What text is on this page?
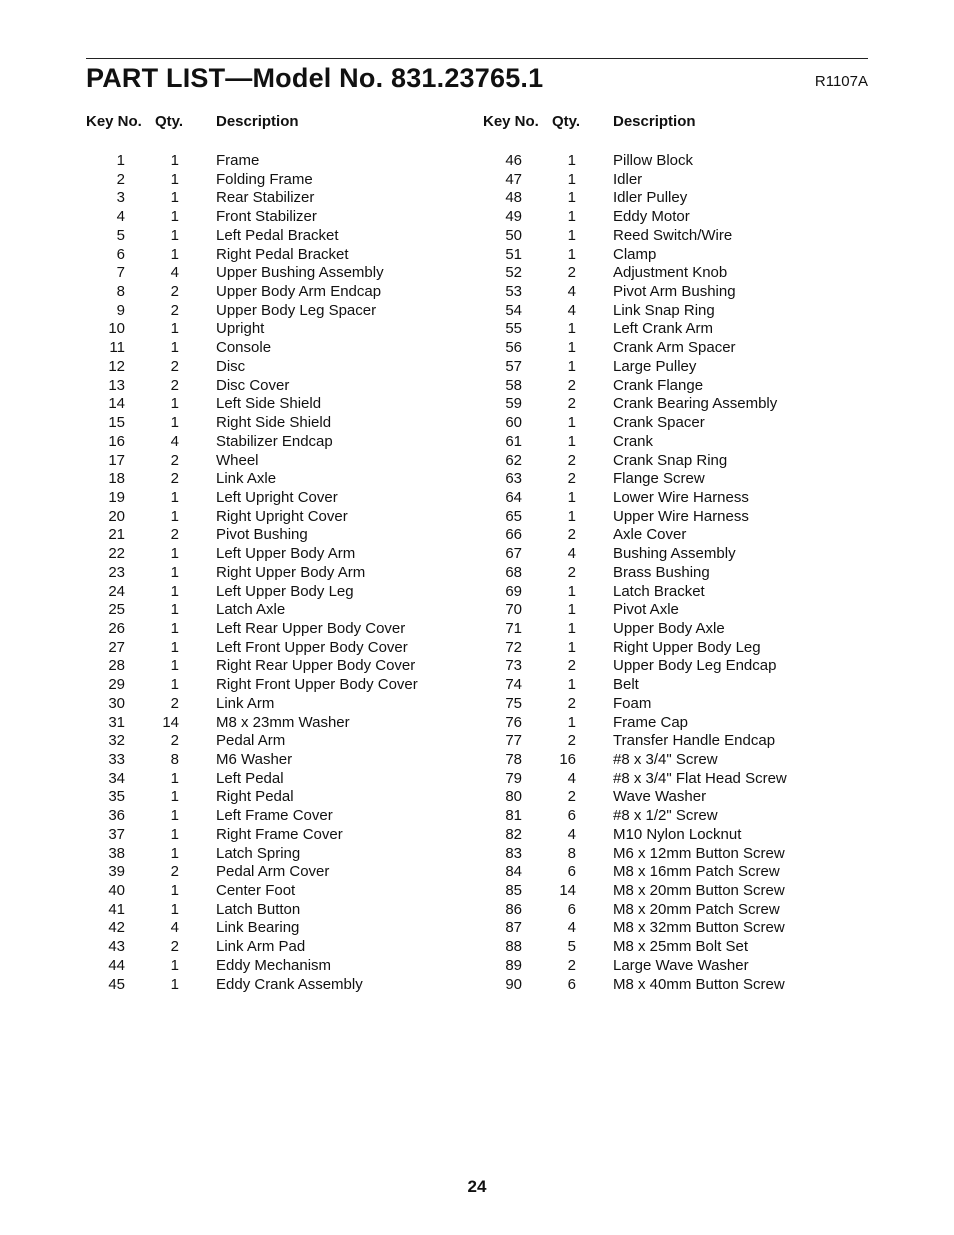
PART LIST—Model No. 831.23765.1	R1107A
Key No. Qty. Description
1	1 Frame
2	1 Folding Frame
3	1 Rear Stabilizer
4	1 Front Stabilizer
5	1 Left Pedal Bracket
6	1 Right Pedal Bracket
7	4 Upper Bushing Assembly
8	2 Upper Body Arm Endcap
9	2 Upper Body Leg Spacer
10	1 Upright
11	1 Console
12	2 Disc
13	2 Disc Cover
14	1 Left Side Shield
15	1 Right Side Shield
16	4 Stabilizer Endcap
17	2 Wheel
18	2 Link Axle
19	1 Left Upright Cover
20	1 Right Upright Cover
21	2 Pivot Bushing
22	1 Left Upper Body Arm
23	1 Right Upper Body Arm
24	1 Left Upper Body Leg
25	1 Latch Axle
26	1 Left Rear Upper Body Cover
27	1 Left Front Upper Body Cover
28	1 Right Rear Upper Body Cover
29	1 Right Front Upper Body Cover
30	2 Link Arm
31 14 M8 x 23mm Washer
32	2 Pedal Arm
33	8 M6 Washer
34	1 Left Pedal
35	1 Right Pedal
36	1 Left Frame Cover
37	1 Right Frame Cover
38	1 Latch Spring
39	2 Pedal Arm Cover
40	1 Center Foot
41	1 Latch Button
42	4 Link Bearing
43	2 Link Arm Pad
44	1 Eddy Mechanism
45	1 Eddy Crank Assembly
Key No. Qty. Description
46	1 Pillow Block
47	1 Idler
48	1 Idler Pulley
49	1 Eddy Motor
50	1 Reed Switch/Wire
51	1 Clamp
52	2 Adjustment Knob
53	4 Pivot Arm Bushing
54	4 Link Snap Ring
55	1 Left Crank Arm
56	1 Crank Arm Spacer
57	1 Large Pulley
58	2 Crank Flange
59	2 Crank Bearing Assembly
60	1 Crank Spacer
61	1 Crank
62	2 Crank Snap Ring
63	2 Flange Screw
64	1 Lower Wire Harness
65	1 Upper Wire Harness
66	2 Axle Cover
67	4 Bushing Assembly
68	2 Brass Bushing
69	1 Latch Bracket
70	1 Pivot Axle
71	1 Upper Body Axle
72	1 Right Upper Body Leg
73	2 Upper Body Leg Endcap
74	1 Belt
75	2 Foam
76	1 Frame Cap
77	2 Transfer Handle Endcap
78 16 #8 x 3/4" Screw
79	4 #8 x 3/4" Flat Head Screw
80	2 Wave Washer
81	6 #8 x 1/2" Screw
82	4 M10 Nylon Locknut
83	8 M6 x 12mm Button Screw
84	6 M8 x 16mm Patch Screw
85 14 M8 x 20mm Button Screw
86	6 M8 x 20mm Patch Screw
87	4 M8 x 32mm Button Screw
88	5 M8 x 25mm Bolt Set
89	2 Large Wave Washer
90	6 M8 x 40mm Button Screw
24
